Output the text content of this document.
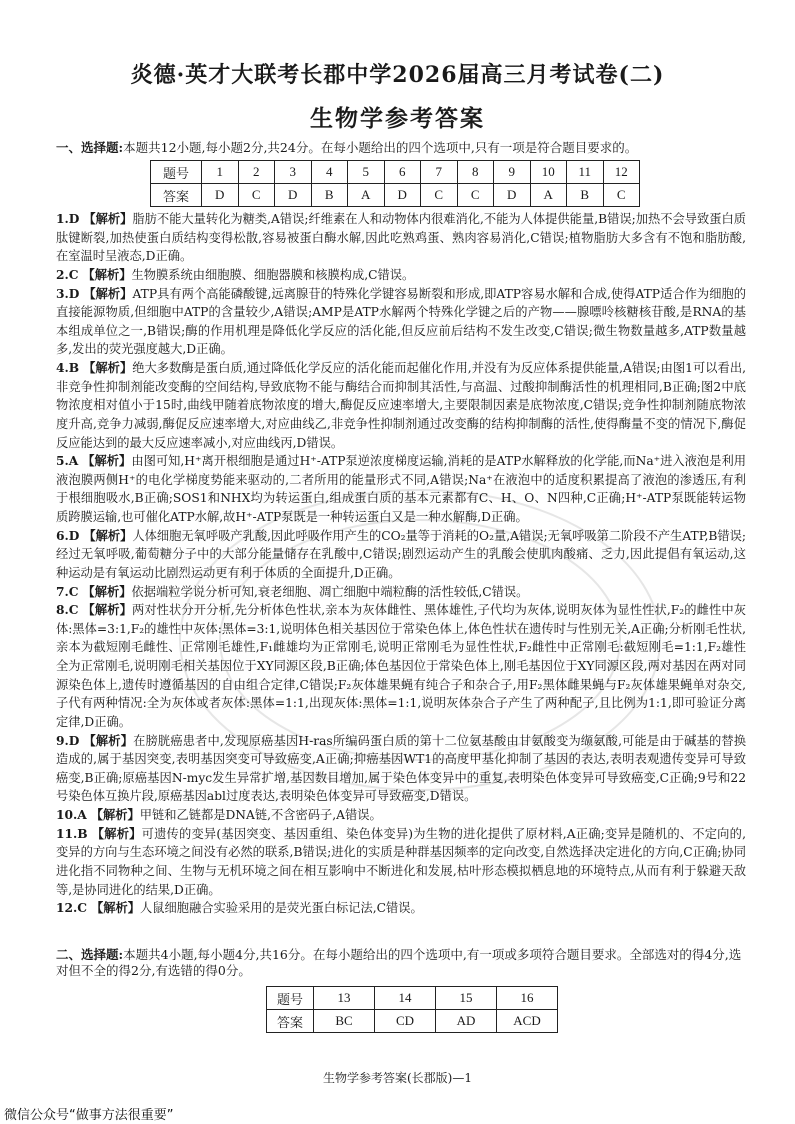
炎德·英才大联考长郡中学2026届高三月考试卷(二)
生物学参考答案
一、选择题:本题共12小题,每小题2分,共24分。在每小题给出的四个选项中,只有一项是符合题目要求的。
题号	1	2	3	4	5	6	7	8	9	10	11	12
答案	D	C	D	B	A	D	C	C	D	A	B	C

1.D 【解析】脂肪不能大量转化为糖类,A错误;纤维素在人和动物体内很难消化,不能为人体提供能量,B错误;加热不会导致蛋白质肽键断裂,加热使蛋白质结构变得松散,容易被蛋白酶水解,因此吃熟鸡蛋、熟肉容易消化,C错误;植物脂肪大多含有不饱和脂肪酸,在室温时呈液态,D正确。

2.C 【解析】生物膜系统由细胞膜、细胞器膜和核膜构成,C错误。

3.D 【解析】ATP具有两个高能磷酸键,远离腺苷的特殊化学键容易断裂和形成,即ATP容易水解和合成,使得ATP适合作为细胞的直接能源物质,但细胞中ATP的含量较少,A错误;AMP是ATP水解两个特殊化学键之后的产物——腺嘌呤核糖核苷酸,是RNA的基本组成单位之一,B错误;酶的作用机理是降低化学反应的活化能,但反应前后结构不发生改变,C错误;微生物数量越多,ATP数量越多,发出的荧光强度越大,D正确。

4.B 【解析】绝大多数酶是蛋白质,通过降低化学反应的活化能而起催化作用,并没有为反应体系提供能量,A错误;由图1可以看出,非竞争性抑制剂能改变酶的空间结构,导致底物不能与酶结合而抑制其活性,与高温、过酸抑制酶活性的机理相同,B正确;图2中底物浓度相对值小于15时,曲线甲随着底物浓度的增大,酶促反应速率增大,主要限制因素是底物浓度,C错误;竞争性抑制剂随底物浓度升高,竞争力减弱,酶促反应速率增大,对应曲线乙,非竞争性抑制剂通过改变酶的结构抑制酶的活性,使得酶量不变的情况下,酶促反应能达到的最大反应速率减小,对应曲线丙,D错误。

5.A 【解析】由图可知,H⁺离开根细胞是通过H⁺-ATP泵逆浓度梯度运输,消耗的是ATP水解释放的化学能,而Na⁺进入液泡是利用液泡膜两侧H⁺的电化学梯度势能来驱动的,二者所用的能量形式不同,A错误;Na⁺在液泡中的适度积累提高了液泡的渗透压,有利于根细胞吸水,B正确;SOS1和NHX均为转运蛋白,组成蛋白质的基本元素都有C、H、O、N四种,C正确;H⁺-ATP泵既能转运物质跨膜运输,也可催化ATP水解,故H⁺-ATP泵既是一种转运蛋白又是一种水解酶,D正确。

6.D 【解析】人体细胞无氧呼吸产乳酸,因此呼吸作用产生的CO₂量等于消耗的O₂量,A错误;无氧呼吸第二阶段不产生ATP,B错误;经过无氧呼吸,葡萄糖分子中的大部分能量储存在乳酸中,C错误;剧烈运动产生的乳酸会使肌肉酸痛、乏力,因此提倡有氧运动,这种运动是有氧运动比剧烈运动更有利于体质的全面提升,D正确。

7.C 【解析】依据端粒学说分析可知,衰老细胞、凋亡细胞中端粒酶的活性较低,C错误。

8.C 【解析】两对性状分开分析,先分析体色性状,亲本为灰体雌性、黑体雄性,子代均为灰体,说明灰体为显性性状,F₂的雌性中灰体:黑体=3:1,F₂的雄性中灰体:黑体=3:1,说明体色相关基因位于常染色体上,体色性状在遗传时与性别无关,A正确;分析刚毛性状,亲本为截短刚毛雌性、正常刚毛雄性,F₁雌雄均为正常刚毛,说明正常刚毛为显性性状,F₂雌性中正常刚毛:截短刚毛=1:1,F₂雄性全为正常刚毛,说明刚毛相关基因位于XY同源区段,B正确;体色基因位于常染色体上,刚毛基因位于XY同源区段,两对基因在两对同源染色体上,遗传时遵循基因的自由组合定律,C错误;F₂灰体雄果蝇有纯合子和杂合子,用F₂黑体雌果蝇与F₂灰体雄果蝇单对杂交,子代有两种情况:全为灰体或者灰体:黑体=1:1,出现灰体:黑体=1:1,说明灰体杂合子产生了两种配子,且比例为1:1,即可验证分离定律,D正确。

9.D 【解析】在膀胱癌患者中,发现原癌基因H-ras所编码蛋白质的第十二位氨基酸由甘氨酸变为缬氨酸,可能是由于碱基的替换造成的,属于基因突变,表明基因突变可导致癌变,A正确;抑癌基因WT1的高度甲基化抑制了基因的表达,表明表观遗传变异可导致癌变,B正确;原癌基因N-myc发生异常扩增,基因数目增加,属于染色体变异中的重复,表明染色体变异可导致癌变,C正确;9号和22号染色体互换片段,原癌基因abl过度表达,表明染色体变异可导致癌变,D错误。

10.A 【解析】甲链和乙链都是DNA链,不含密码子,A错误。

11.B 【解析】可遗传的变异(基因突变、基因重组、染色体变异)为生物的进化提供了原材料,A正确;变异是随机的、不定向的,变异的方向与生态环境之间没有必然的联系,B错误;进化的实质是种群基因频率的定向改变,自然选择决定进化的方向,C正确;协同进化指不同物种之间、生物与无机环境之间在相互影响中不断进化和发展,枯叶形态模拟栖息地的环境特点,从而有利于躲避天敌等,是协同进化的结果,D正确。

12.C 【解析】人鼠细胞融合实验采用的是荧光蛋白标记法,C错误。

二、选择题:本题共4小题,每小题4分,共16分。在每小题给出的四个选项中,有一项或多项符合题目要求。全部选对的得4分,选对但不全的得2分,有选错的得0分。
题号	13	14	15	16
答案	BC	CD	AD	ACD
生物学参考答案(长郡版)—1
微信公众号“做事方法很重要”
